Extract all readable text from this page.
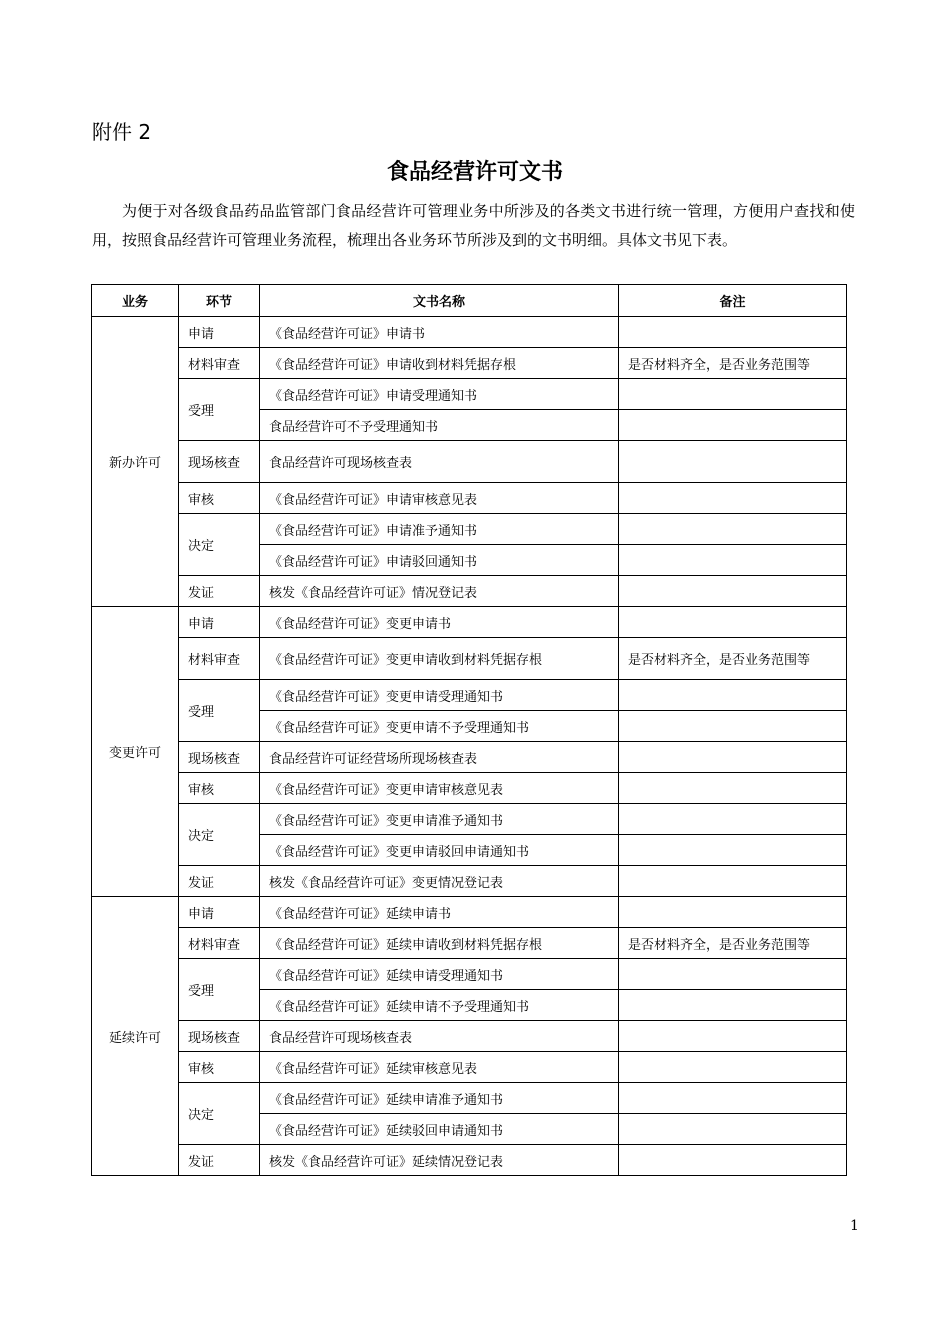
附件 2
食品经营许可文书

为便于对各级食品药品监管部门食品经营许可管理业务中所涉及的各类文书进行统一管理，方便用户查找和使用，按照食品经营许可管理业务流程，梳理出各业务环节所涉及到的文书明细。具体文书见下表。

业务	环节	文书名称	备注
新办许可	申请	《食品经营许可证》申请书	
	材料审查	《食品经营许可证》申请收到材料凭据存根	是否材料齐全，是否业务范围等
	受理	《食品经营许可证》申请受理通知书	
		食品经营许可不予受理通知书	
	现场核查	食品经营许可现场核查表	
	审核	《食品经营许可证》申请审核意见表	
	决定	《食品经营许可证》申请准予通知书	
		《食品经营许可证》申请驳回通知书	
	发证	核发《食品经营许可证》情况登记表	
变更许可	申请	《食品经营许可证》变更申请书	
	材料审查	《食品经营许可证》变更申请收到材料凭据存根	是否材料齐全，是否业务范围等
	受理	《食品经营许可证》变更申请受理通知书	
		《食品经营许可证》变更申请不予受理通知书	
	现场核查	食品经营许可证经营场所现场核查表	
	审核	《食品经营许可证》变更申请审核意见表	
	决定	《食品经营许可证》变更申请准予通知书	
		《食品经营许可证》变更申请驳回申请通知书	
	发证	核发《食品经营许可证》变更情况登记表	
延续许可	申请	《食品经营许可证》延续申请书	
	材料审查	《食品经营许可证》延续申请收到材料凭据存根	是否材料齐全，是否业务范围等
	受理	《食品经营许可证》延续申请受理通知书	
		《食品经营许可证》延续申请不予受理通知书	
	现场核查	食品经营许可现场核查表	
	审核	《食品经营许可证》延续审核意见表	
	决定	《食品经营许可证》延续申请准予通知书	
		《食品经营许可证》延续驳回申请通知书	
	发证	核发《食品经营许可证》延续情况登记表	
1
